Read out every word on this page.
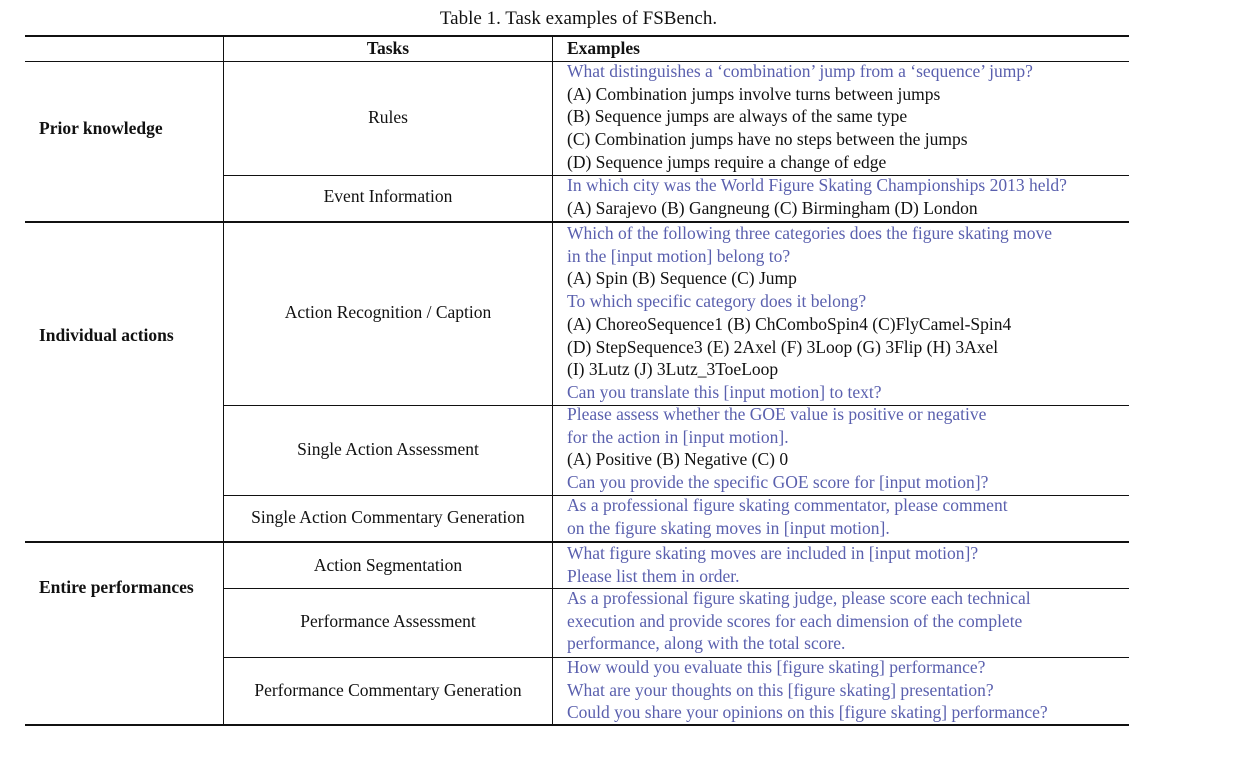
Table 1. Task examples of FSBench.
Tasks	Examples
Prior knowledge
Individual actions
Entire performances
Rules
Event Information
Action Recognition / Caption
Single Action Assessment
Single Action Commentary Generation
Action Segmentation
Performance Assessment
Performance Commentary Generation
What distinguishes a ‘combination’ jump from a ‘sequence’ jump?
(A) Combination jumps involve turns between jumps
(B) Sequence jumps are always of the same type
(C) Combination jumps have no steps between the jumps
(D) Sequence jumps require a change of edge
In which city was the World Figure Skating Championships 2013 held?
(A) Sarajevo (B) Gangneung (C) Birmingham (D) London
Which of the following three categories does the figure skating move
in the [input motion] belong to?
(A) Spin (B) Sequence (C) Jump
To which specific category does it belong?
(A) ChoreoSequence1 (B) ChComboSpin4 (C)FlyCamel-Spin4
(D) StepSequence3 (E) 2Axel (F) 3Loop (G) 3Flip (H) 3Axel
(I) 3Lutz (J) 3Lutz_3ToeLoop
Can you translate this [input motion] to text?
Please assess whether the GOE value is positive or negative
for the action in [input motion].
(A) Positive (B) Negative (C) 0
Can you provide the specific GOE score for [input motion]?
As a professional figure skating commentator, please comment
on the figure skating moves in [input motion].
What figure skating moves are included in [input motion]?
Please list them in order.
As a professional figure skating judge, please score each technical
execution and provide scores for each dimension of the complete
performance, along with the total score.
How would you evaluate this [figure skating] performance?
What are your thoughts on this [figure skating] presentation?
Could you share your opinions on this [figure skating] performance?
